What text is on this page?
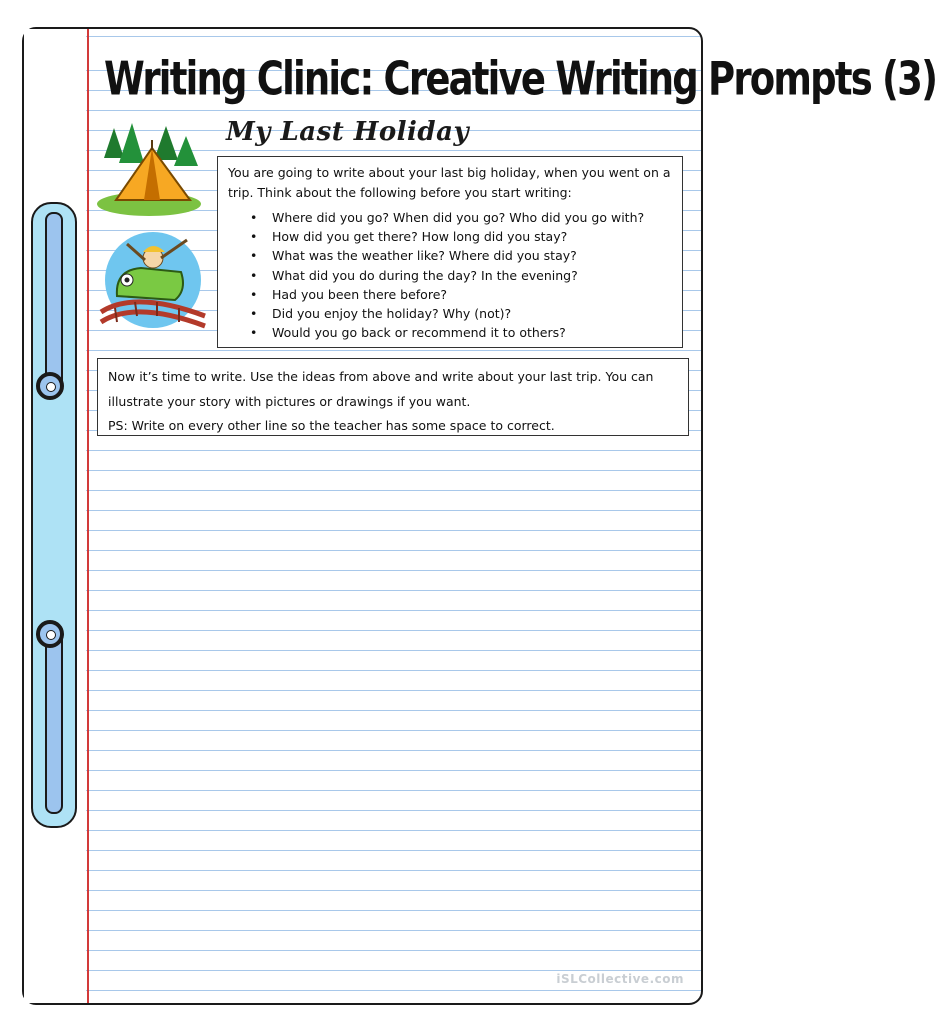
Writing Clinic: Creative Writing Prompts (3)
My Last Holiday

You are going to write about your last big holiday, when you went on a trip. Think about the following before you start writing:

• Where did you go? When did you go? Who did you go with?
• How did you get there? How long did you stay?
• What was the weather like? Where did you stay?
• What did you do during the day? In the evening?
• Had you been there before?
• Did you enjoy the holiday? Why (not)?
• Would you go back or recommend it to others?

Now it’s time to write. Use the ideas from above and write about your last trip. You can

illustrate your story with pictures or drawings if you want.

PS: Write on every other line so the teacher has some space to correct.

iSLCollective.com
